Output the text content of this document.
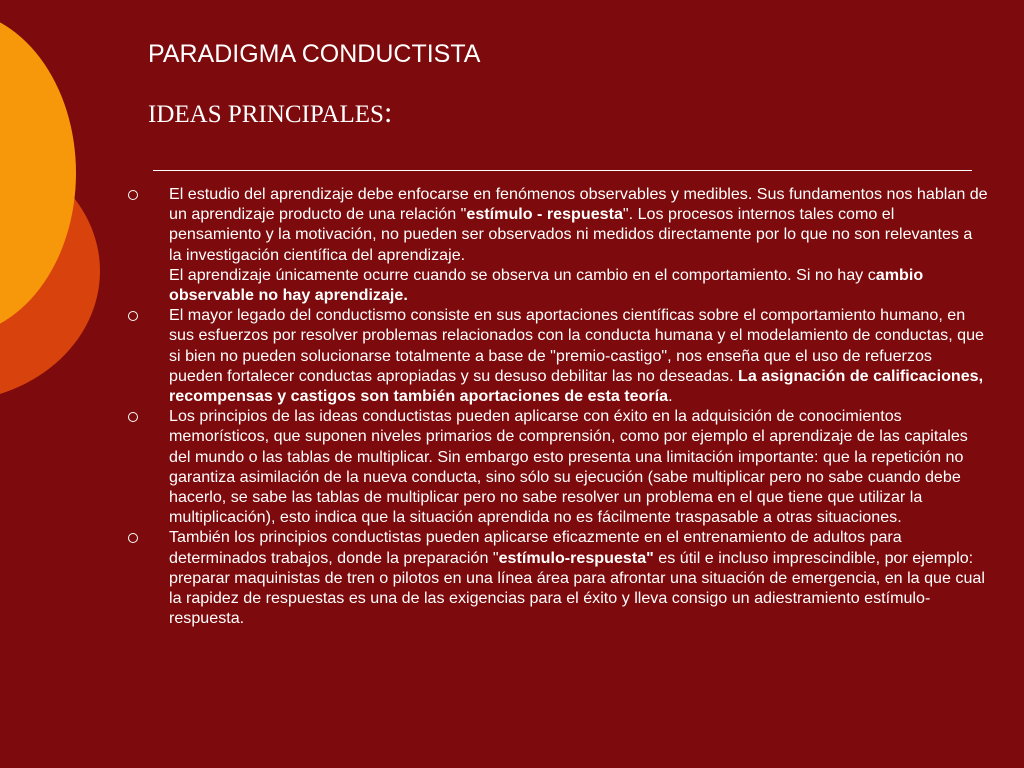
PARADIGMA CONDUCTISTA
IDEAS PRINCIPALES:

El estudio del aprendizaje debe enfocarse en fenómenos observables y medibles. Sus fundamentos nos hablan de un aprendizaje producto de una relación "estímulo - respuesta". Los procesos internos tales como el pensamiento y la motivación, no pueden ser observados ni medidos directamente por lo que no son relevantes a la investigación científica del aprendizaje.

El aprendizaje únicamente ocurre cuando se observa un cambio en el comportamiento. Si no hay cambio observable no hay aprendizaje.

El mayor legado del conductismo consiste en sus aportaciones científicas sobre el comportamiento humano, en sus esfuerzos por resolver problemas relacionados con la conducta humana y el modelamiento de conductas, que si bien no pueden solucionarse totalmente a base de "premio-castigo", nos enseña que el uso de refuerzos pueden fortalecer conductas apropiadas y su desuso debilitar las no deseadas. La asignación de calificaciones, recompensas y castigos son también aportaciones de esta teoría.

Los principios de las ideas conductistas pueden aplicarse con éxito en la adquisición de conocimientos memorísticos, que suponen niveles primarios de comprensión, como por ejemplo el aprendizaje de las capitales del mundo o las tablas de multiplicar. Sin embargo esto presenta una limitación importante: que la repetición no garantiza asimilación de la nueva conducta, sino sólo su ejecución (sabe multiplicar pero no sabe cuando debe hacerlo, se sabe las tablas de multiplicar pero no sabe resolver un problema en el que tiene que utilizar la multiplicación), esto indica que la situación aprendida no es fácilmente traspasable a otras situaciones.

También los principios conductistas pueden aplicarse eficazmente en el entrenamiento de adultos para determinados trabajos, donde la preparación "estímulo-respuesta" es útil e incluso imprescindible, por ejemplo: preparar maquinistas de tren o pilotos en una línea área para afrontar una situación de emergencia, en la que cual la rapidez de respuestas es una de las exigencias para el éxito y lleva consigo un adiestramiento estímulo-respuesta.
